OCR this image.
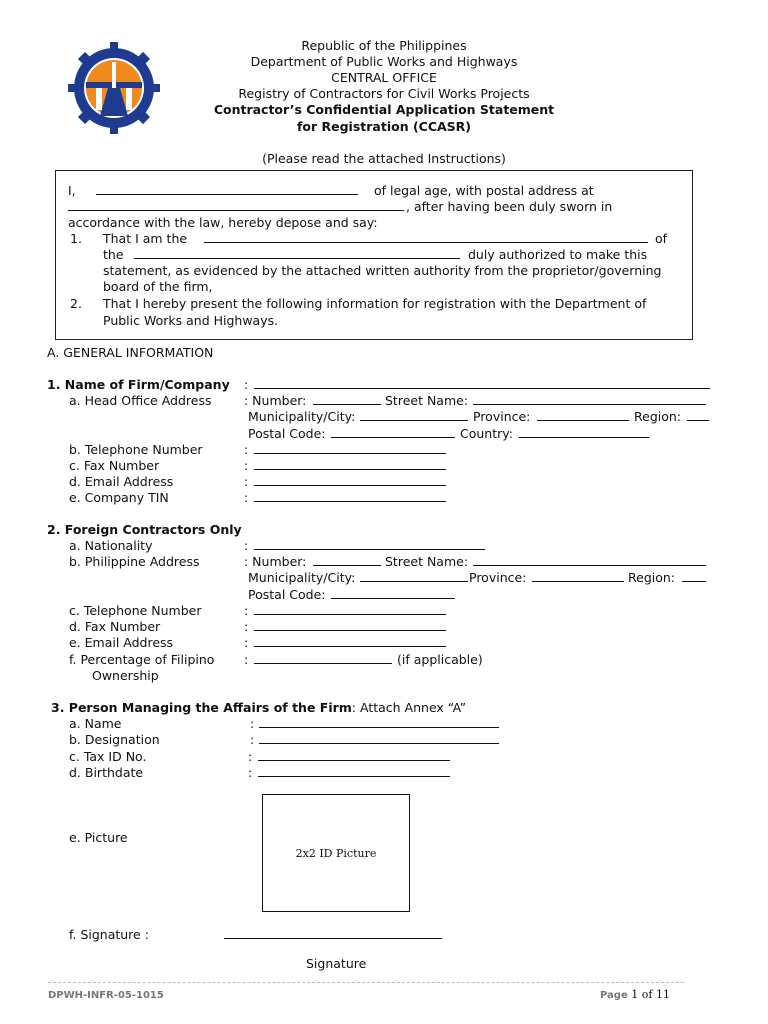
Republic of the Philippines
Department of Public Works and Highways
CENTRAL OFFICE
Registry of Contractors for Civil Works Projects
Contractor’s Confidential Application Statement
for Registration (CCASR)
(Please read the attached Instructions)
I,	of legal age, with postal address at
, after having been duly sworn in
accordance with the law, hereby depose and say:
1. That I am the	of
the	duly authorized to make this
statement, as evidenced by the attached written authority from the proprietor/governing
board of the firm,
2. That I hereby present the following information for registration with the Department of
Public Works and Highways.
A. GENERAL INFORMATION
1. Name of Firm/Company :
a. Head Office Address	: Number:	Street Name:
Municipality/City:	Province:	Region:
Postal Code:	Country:
b. Telephone Number	:
c. Fax Number	:
d. Email Address	:
e. Company TIN	:
2. Foreign Contractors Only
a. Nationality	:
b. Philippine Address	: Number:	Street Name:
Municipality/City:	Province:	Region:
Postal Code:
c. Telephone Number	:
d. Fax Number	:
e. Email Address	:
f. Percentage of Filipino
Ownership
:	(if applicable)
3. Person Managing the Affairs of the Firm: Attach Annex “A”
a. Name	:
b. Designation	:
c. Tax ID No.	:
d. Birthdate	:
e. Picture
2x2 ID Picture
f. Signature :
Signature
DPWH-INFR-05-1015	Page 1 of 11
